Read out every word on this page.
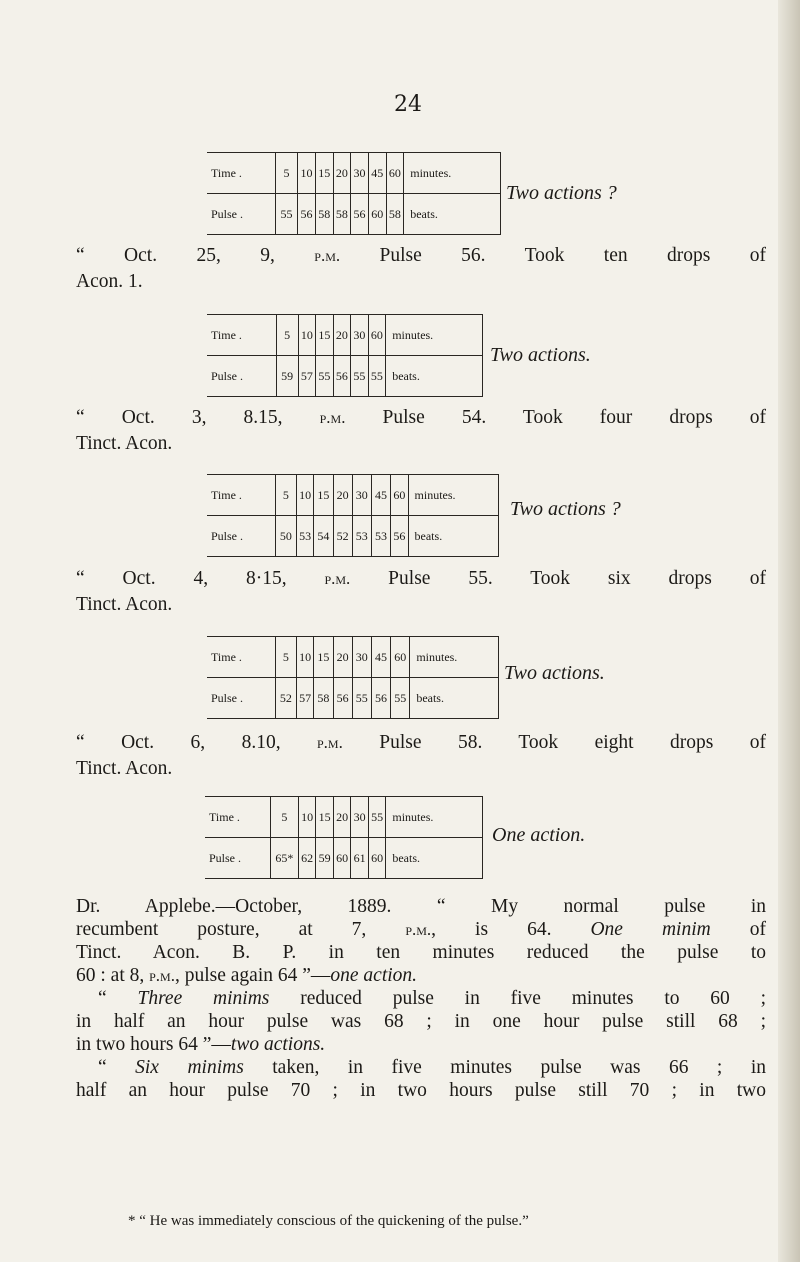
24
Time .	5	10	15	20	30	45	60	minutes.
Pulse .	55	56	58	58	56	60	58	beats.
Two actions ?
“ Oct. 25, 9, p.m. Pulse 56. Took ten drops of
Acon. 1.
Time .	5	10	15	20	30	60	minutes.
Pulse .	59	57	55	56	55	55	beats.
Two actions.
“ Oct. 3, 8.15, p.m. Pulse 54. Took four drops of
Tinct. Acon.
Time .	5	10	15	20	30	45	60	minutes.
Pulse .	50	53	54	52	53	53	56	beats.
Two actions ?
“ Oct. 4, 8·15, p.m. Pulse 55. Took six drops of
Tinct. Acon.
Time .	5	10	15	20	30	45	60	minutes.
Pulse .	52	57	58	56	55	56	55	beats.
Two actions.
“ Oct. 6, 8.10, p.m. Pulse 58. Took eight drops of
Tinct. Acon.
Time .	5	10	15	20	30	55	minutes.
Pulse .	65*	62	59	60	61	60	beats.
One action.
Dr. Applebe.—October, 1889. “ My normal pulse in
recumbent posture, at 7, p.m., is 64. One minim of
Tinct. Acon. B. P. in ten minutes reduced the pulse to
60 : at 8, p.m., pulse again 64 ”—one action.
“ Three minims reduced pulse in five minutes to 60 ;
in half an hour pulse was 68 ; in one hour pulse still 68 ;
in two hours 64 ”—two actions.
“ Six minims taken, in five minutes pulse was 66 ; in
half an hour pulse 70 ; in two hours pulse still 70 ; in two
* “ He was immediately conscious of the quickening of the pulse.”
